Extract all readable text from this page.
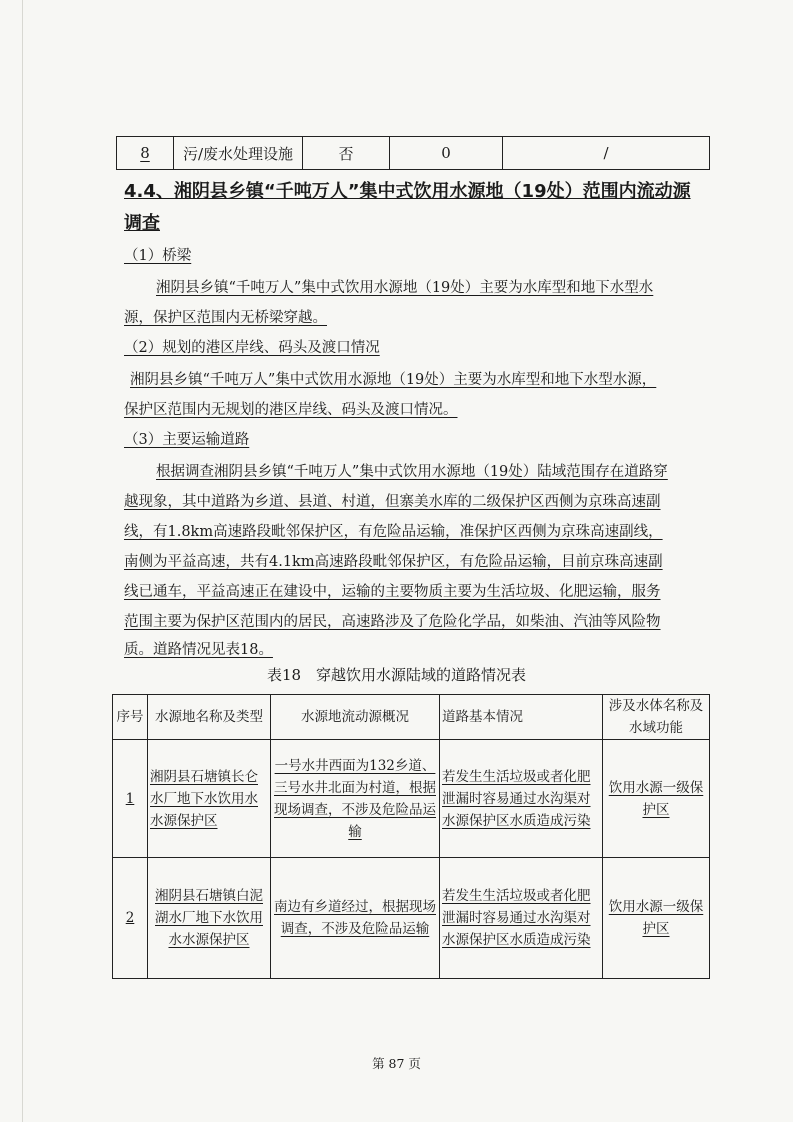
8	污/废水处理设施	否	0	/
4.4、湘阴县乡镇“千吨万人”集中式饮用水源地（19处）范围内流动源调查
（1）桥梁
湘阴县乡镇“千吨万人”集中式饮用水源地（19处）主要为水库型和地下水型水
源，保护区范围内无桥梁穿越。
（2）规划的港区岸线、码头及渡口情况
湘阴县乡镇“千吨万人”集中式饮用水源地（19处）主要为水库型和地下水型水源，
保护区范围内无规划的港区岸线、码头及渡口情况。
（3）主要运输道路
根据调查湘阴县乡镇“千吨万人”集中式饮用水源地（19处）陆域范围存在道路穿
越现象，其中道路为乡道、县道、村道，但寨美水库的二级保护区西侧为京珠高速副
线，有1.8km高速路段毗邻保护区，有危险品运输，准保护区西侧为京珠高速副线，
南侧为平益高速，共有4.1km高速路段毗邻保护区，有危险品运输，目前京珠高速副
线已通车，平益高速正在建设中，运输的主要物质主要为生活垃圾、化肥运输，服务
范围主要为保护区范围内的居民，高速路涉及了危险化学品，如柴油、汽油等风险物
质。道路情况见表18。
表18　穿越饮用水源陆域的道路情况表
序号	水源地名称及类型	水源地流动源概况	道路基本情况	涉及水体名称及水域功能
1	湘阴县石塘镇长仑水厂地下水饮用水水源保护区	一号水井西面为132乡道、三号水井北面为村道，根据现场调查，不涉及危险品运输	若发生生活垃圾或者化肥泄漏时容易通过水沟渠对水源保护区水质造成污染	饮用水源一级保护区
2	湘阴县石塘镇白泥湖水厂地下水饮用水水源保护区	南边有乡道经过，根据现场调查，不涉及危险品运输	若发生生活垃圾或者化肥泄漏时容易通过水沟渠对水源保护区水质造成污染	饮用水源一级保护区
第 87 页
